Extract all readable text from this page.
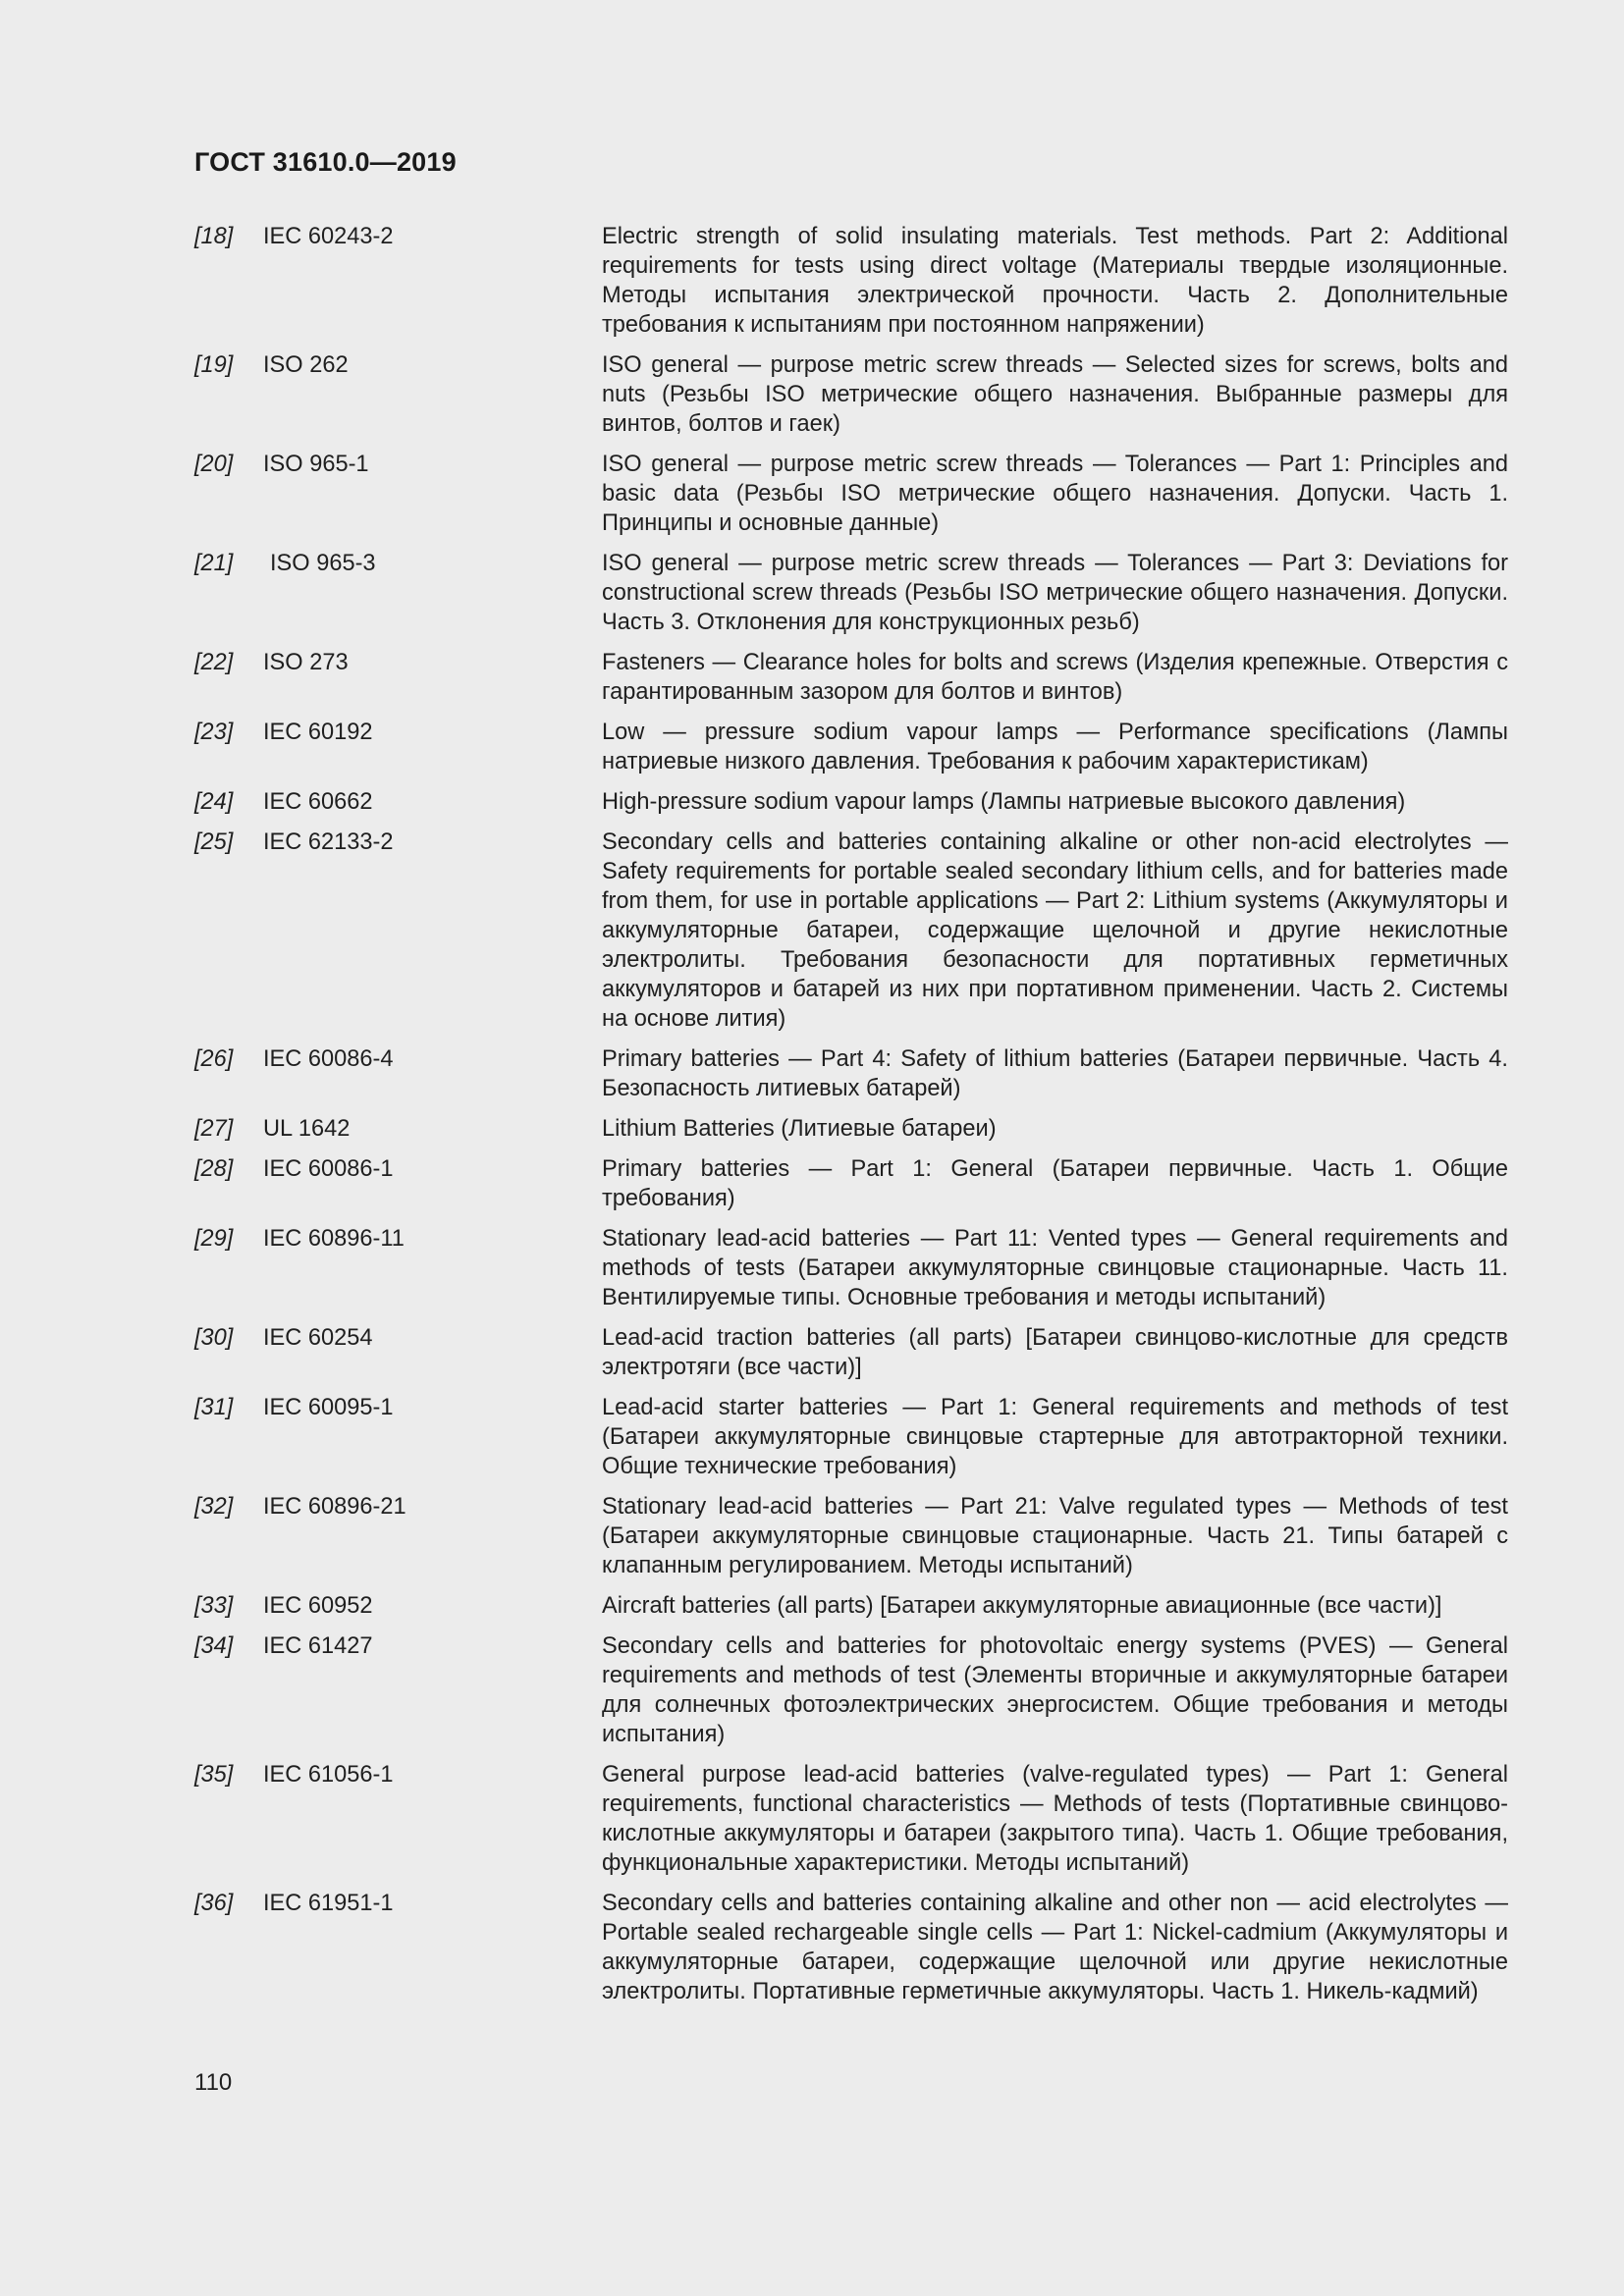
ГОСТ 31610.0—2019
[18]	IEC 60243-2	Electric strength of solid insulating materials. Test methods. Part 2: Additional requirements for tests using direct voltage (Материалы твердые изоляционные. Методы испытания электрической прочности. Часть 2. Дополнительные требования к испытаниям при постоянном напряжении)
[19]	ISO 262	ISO general — purpose metric screw threads — Selected sizes for screws, bolts and nuts (Резьбы ISO метрические общего назначения. Выбранные размеры для винтов, болтов и гаек)
[20]	ISO 965-1	ISO general — purpose metric screw threads — Tolerances — Part 1: Principles and basic data (Резьбы ISO метрические общего назначения. Допуски. Часть 1. Принципы и основные данные)
[21]	ISO 965-3	ISO general — purpose metric screw threads — Tolerances — Part 3: Deviations for constructional screw threads (Резьбы ISO метрические общего назначения. Допуски. Часть 3. Отклонения для конструкционных резьб)
[22]	ISO 273	Fasteners — Clearance holes for bolts and screws (Изделия крепежные. Отверстия с гарантированным зазором для болтов и винтов)
[23]	IEC 60192	Low — pressure sodium vapour lamps — Performance specifications (Лампы натриевые низкого давления. Требования к рабочим характеристикам)
[24]	IEC 60662	High-pressure sodium vapour lamps (Лампы натриевые высокого давления)
[25]	IEC 62133-2	Secondary cells and batteries containing alkaline or other non-acid electrolytes — Safety requirements for portable sealed secondary lithium cells, and for batteries made from them, for use in portable applications — Part 2: Lithium systems (Аккумуляторы и аккумуляторные батареи, содержащие щелочной и другие некислотные электролиты. Требования безопасности для портативных герметичных аккумуляторов и батарей из них при портативном применении. Часть 2. Системы на основе лития)
[26]	IEC 60086-4	Primary batteries — Part 4: Safety of lithium batteries (Батареи первичные. Часть 4. Безопасность литиевых батарей)
[27]	UL 1642	Lithium Batteries (Литиевые батареи)
[28]	IEC 60086-1	Primary batteries — Part 1: General (Батареи первичные. Часть 1. Общие требования)
[29]	IEC 60896-11	Stationary lead-acid batteries — Part 11: Vented types — General requirements and methods of tests (Батареи аккумуляторные свинцовые стационарные. Часть 11. Вентилируемые типы. Основные требования и методы испытаний)
[30]	IEC 60254	Lead-acid traction batteries (all parts) [Батареи свинцово-кислотные для средств электротяги (все части)]
[31]	IEC 60095-1	Lead-acid starter batteries — Part 1: General requirements and methods of test (Батареи аккумуляторные свинцовые стартерные для автотракторной техники. Общие технические требования)
[32]	IEC 60896-21	Stationary lead-acid batteries — Part 21: Valve regulated types — Methods of test (Батареи аккумуляторные свинцовые стационарные. Часть 21. Типы батарей с клапанным регулированием. Методы испытаний)
[33]	IEC 60952	Aircraft batteries (all parts) [Батареи аккумуляторные авиационные (все части)]
[34]	IEC 61427	Secondary cells and batteries for photovoltaic energy systems (PVES) — General requirements and methods of test (Элементы вторичные и аккумуляторные батареи для солнечных фотоэлектрических энергосистем. Общие требования и методы испытания)
[35]	IEC 61056-1	General purpose lead-acid batteries (valve-regulated types) — Part 1: General requirements, functional characteristics — Methods of tests (Портативные свинцово-кислотные аккумуляторы и батареи (закрытого типа). Часть 1. Общие требования, функциональные характеристики. Методы испытаний)
[36]	IEC 61951-1	Secondary cells and batteries containing alkaline and other non — acid electrolytes — Portable sealed rechargeable single cells — Part 1: Nickel-cadmium (Аккумуляторы и аккумуляторные батареи, содержащие щелочной или другие некислотные электролиты. Портативные герметичные аккумуляторы. Часть 1. Никель-кадмий)
110
